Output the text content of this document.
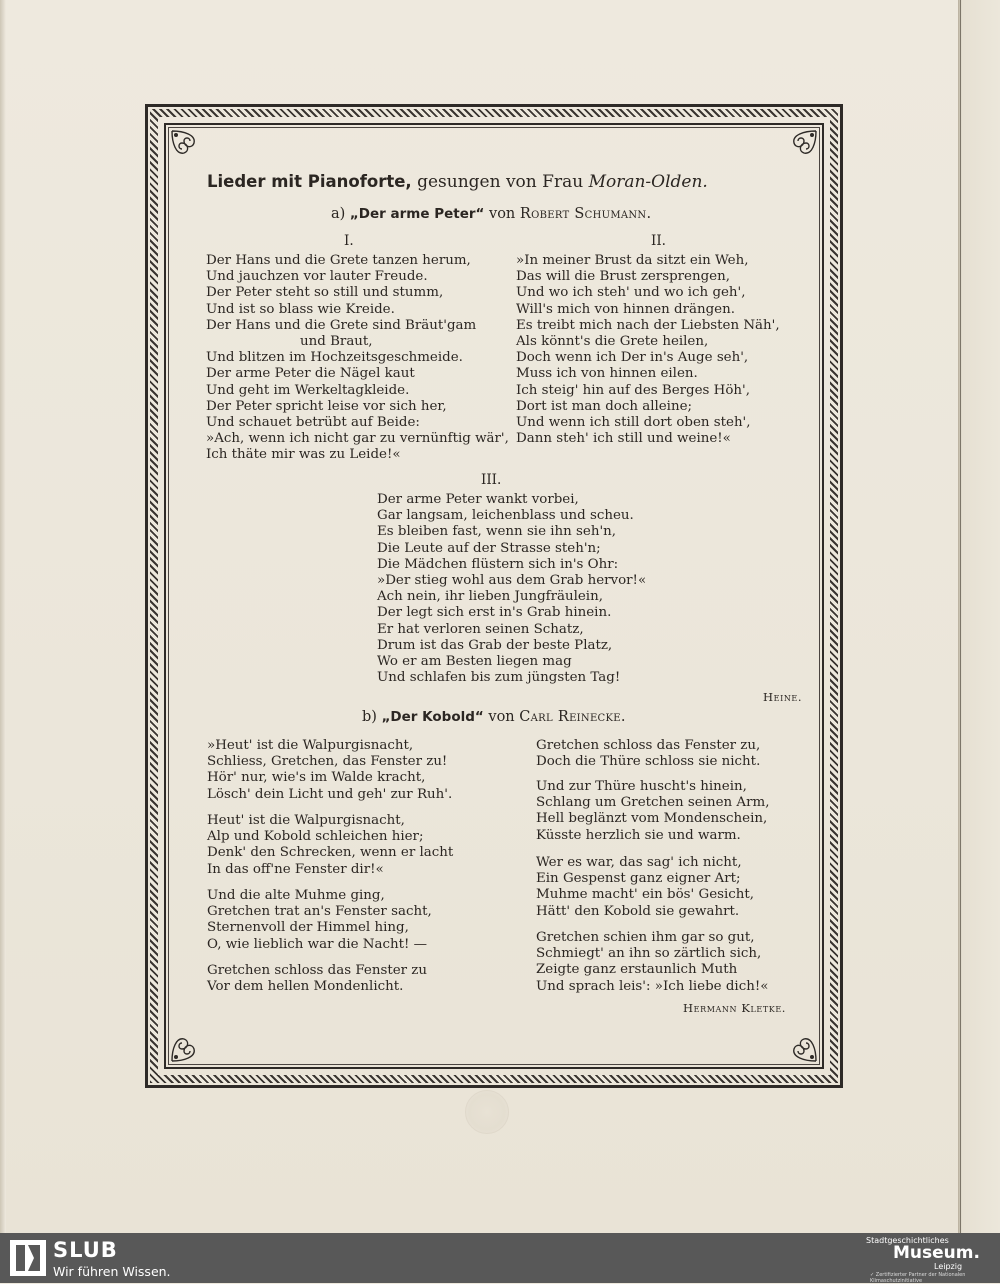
Lieder mit Pianoforte, gesungen von Frau Moran-Olden.
a) „Der arme Peter“ von Robert Schumann.
I.	II.
Der Hans und die Grete tanzen herum,
Und jauchzen vor lauter Freude.
Der Peter steht so still und stumm,
Und ist so blass wie Kreide.
Der Hans und die Grete sind Bräut'gam
und Braut,
Und blitzen im Hochzeitsgeschmeide.
Der arme Peter die Nägel kaut
Und geht im Werkeltagkleide.
Der Peter spricht leise vor sich her,
Und schauet betrübt auf Beide:
»Ach, wenn ich nicht gar zu vernünftig wär',
Ich thäte mir was zu Leide!«
»In meiner Brust da sitzt ein Weh,
Das will die Brust zersprengen,
Und wo ich steh' und wo ich geh',
Will's mich von hinnen drängen.
Es treibt mich nach der Liebsten Näh',
Als könnt's die Grete heilen,
Doch wenn ich Der in's Auge seh',
Muss ich von hinnen eilen.
Ich steig' hin auf des Berges Höh',
Dort ist man doch alleine;
Und wenn ich still dort oben steh',
Dann steh' ich still und weine!«
III.
Der arme Peter wankt vorbei,
Gar langsam, leichenblass und scheu.
Es bleiben fast, wenn sie ihn seh'n,
Die Leute auf der Strasse steh'n;
Die Mädchen flüstern sich in's Ohr:
»Der stieg wohl aus dem Grab hervor!«
Ach nein, ihr lieben Jungfräulein,
Der legt sich erst in's Grab hinein.
Er hat verloren seinen Schatz,
Drum ist das Grab der beste Platz,
Wo er am Besten liegen mag
Und schlafen bis zum jüngsten Tag!
Heine.
b) „Der Kobold“ von Carl Reinecke.
»Heut' ist die Walpurgisnacht,
Schliess, Gretchen, das Fenster zu!
Hör' nur, wie's im Walde kracht,
Lösch' dein Licht und geh' zur Ruh'.
Heut' ist die Walpurgisnacht,
Alp und Kobold schleichen hier;
Denk' den Schrecken, wenn er lacht
In das off'ne Fenster dir!«
Und die alte Muhme ging,
Gretchen trat an's Fenster sacht,
Sternenvoll der Himmel hing,
O, wie lieblich war die Nacht! —
Gretchen schloss das Fenster zu
Vor dem hellen Mondenlicht.
Gretchen schloss das Fenster zu,
Doch die Thüre schloss sie nicht.
Und zur Thüre huscht's hinein,
Schlang um Gretchen seinen Arm,
Hell beglänzt vom Mondenschein,
Küsste herzlich sie und warm.
Wer es war, das sag' ich nicht,
Ein Gespenst ganz eigner Art;
Muhme macht' ein bös' Gesicht,
Hätt' den Kobold sie gewahrt.
Gretchen schien ihm gar so gut,
Schmiegt' an ihn so zärtlich sich,
Zeigte ganz erstaunlich Muth
Und sprach leis': »Ich liebe dich!«
Hermann Kletke.
SLUB
Wir führen Wissen.
Stadtgeschichtliches
Museum.
Leipzig
✓ Zertifizierter Partner der Nationalen Klimaschutzinitiative
